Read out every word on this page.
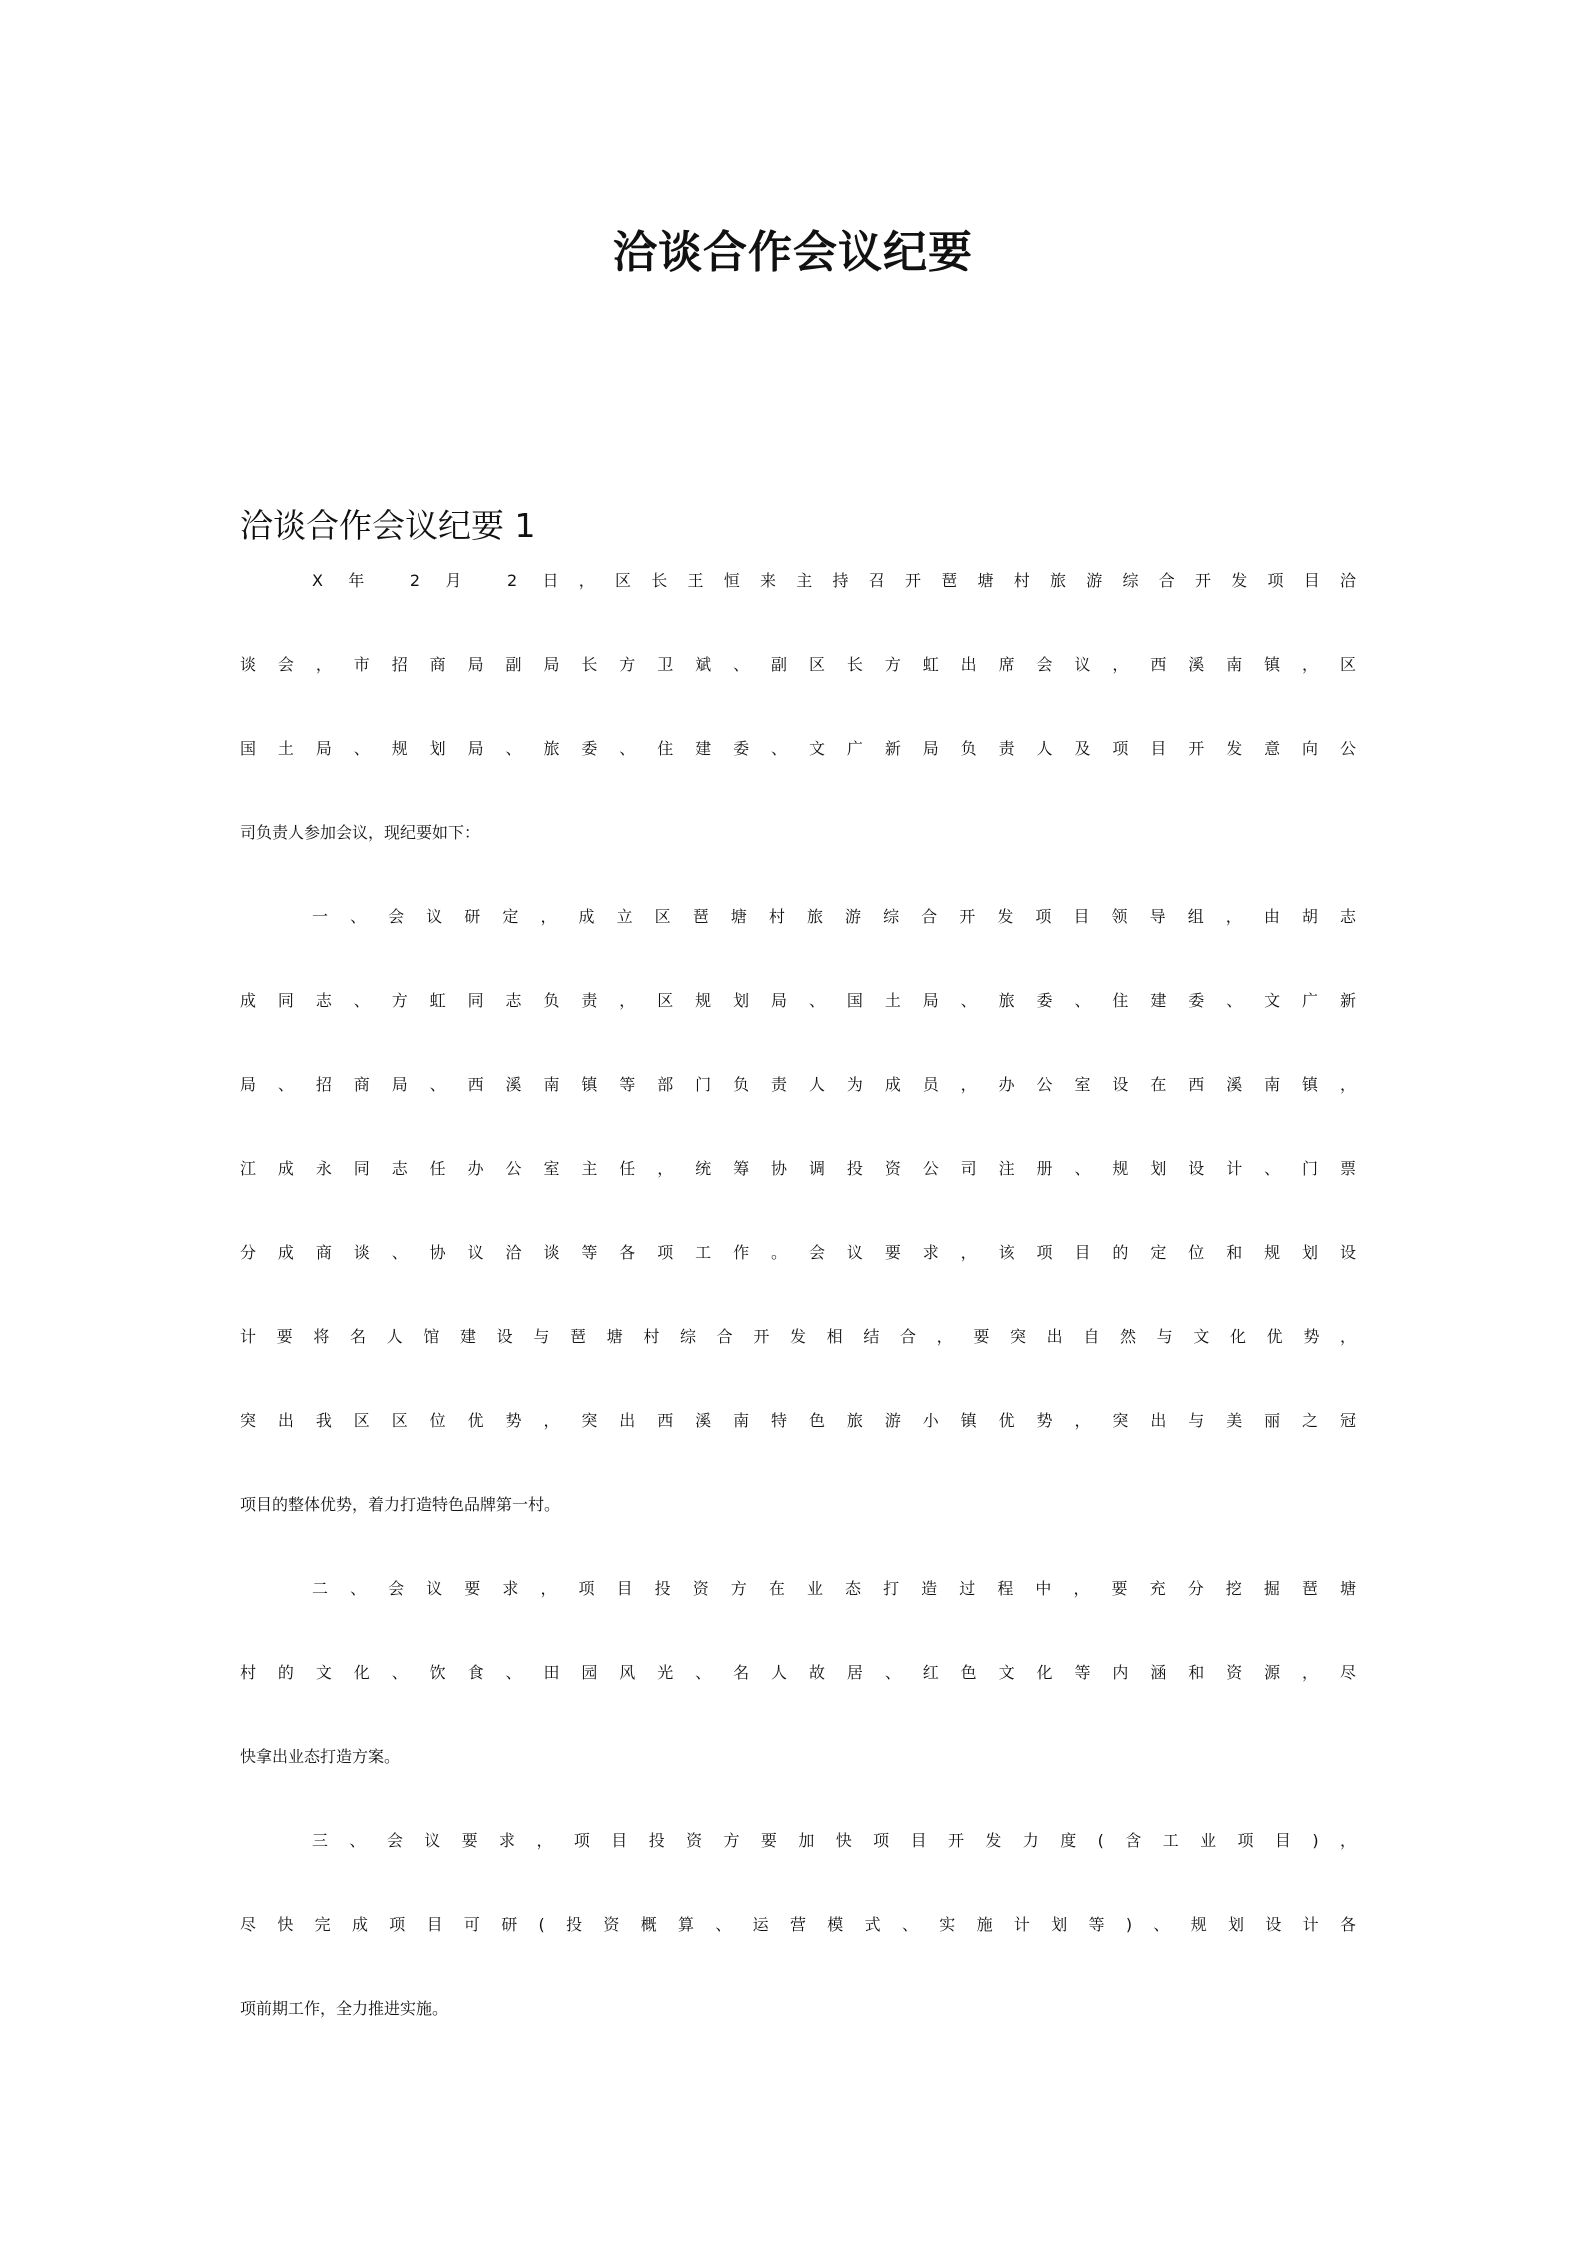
洽谈合作会议纪要

洽谈合作会议纪要 1

X 年 2 月 2 日，区长王恒来主持召开琶塘村旅游综合开发项目洽
谈会，市招商局副局长方卫斌、副区长方虹出席会议，西溪南镇，区
国土局、规划局、旅委、住建委、文广新局负责人及项目开发意向公
司负责人参加会议，现纪要如下：
一、会议研定，成立区琶塘村旅游综合开发项目领导组，由胡志
成同志、方虹同志负责，区规划局、国土局、旅委、住建委、文广新
局、招商局、西溪南镇等部门负责人为成员，办公室设在西溪南镇，
江成永同志任办公室主任，统筹协调投资公司注册、规划设计、门票
分成商谈、协议洽谈等各项工作。会议要求，该项目的定位和规划设
计要将名人馆建设与琶塘村综合开发相结合，要突出自然与文化优势，
突出我区区位优势，突出西溪南特色旅游小镇优势，突出与美丽之冠
项目的整体优势，着力打造特色品牌第一村。
二、会议要求，项目投资方在业态打造过程中，要充分挖掘琶塘
村的文化、饮食、田园风光、名人故居、红色文化等内涵和资源，尽
快拿出业态打造方案。
三、会议要求，项目投资方要加快项目开发力度(含工业项目)，
尽快完成项目可研(投资概算、运营模式、实施计划等)、规划设计各
项前期工作，全力推进实施。
